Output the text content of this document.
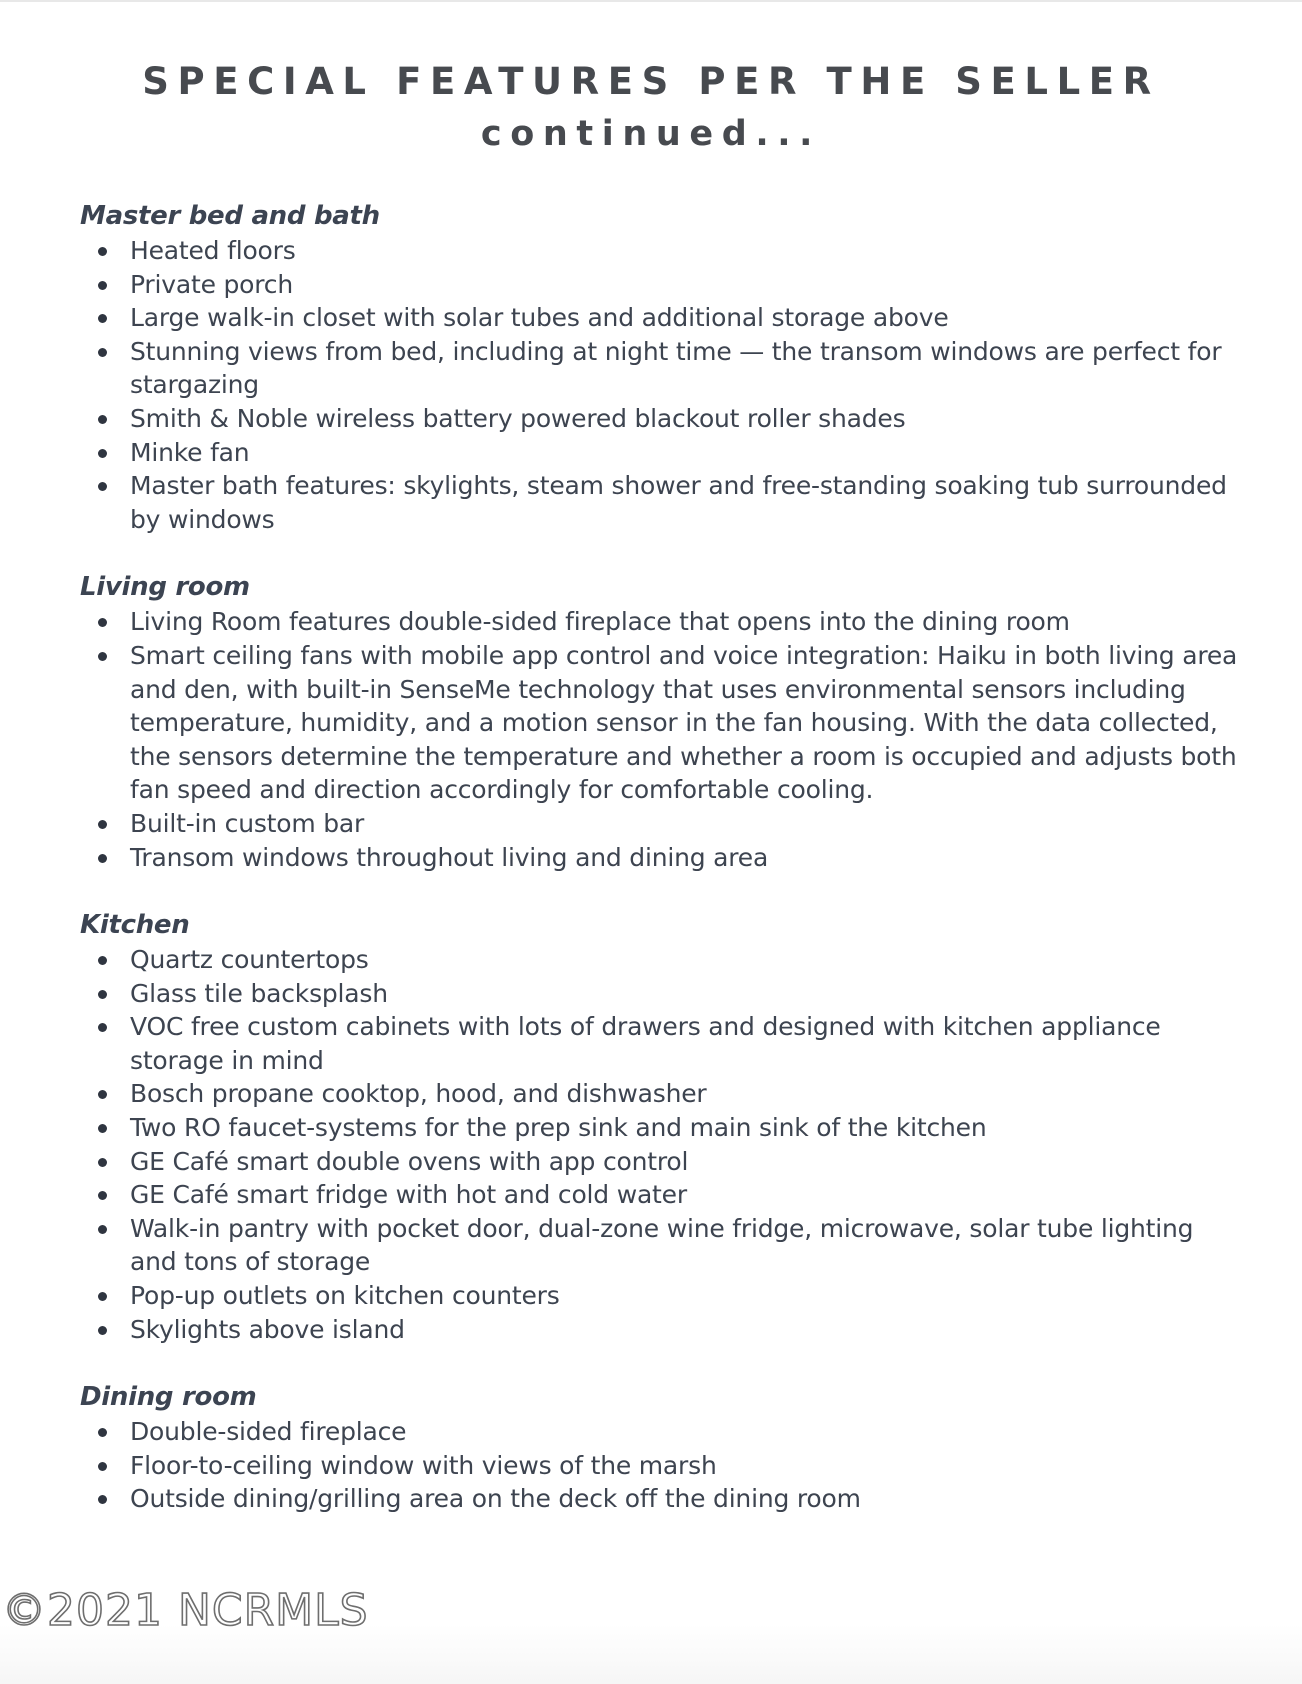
SPECIAL FEATURES PER THE SELLER
continued...
Master bed and bath
Heated floors
Private porch
Large walk-in closet with solar tubes and additional storage above
Stunning views from bed, including at night time — the transom windows are perfect for stargazing
Smith & Noble wireless battery powered blackout roller shades
Minke fan
Master bath features: skylights, steam shower and free-standing soaking tub surrounded by windows
Living room
Living Room features double-sided fireplace that opens into the dining room
Smart ceiling fans with mobile app control and voice integration: Haiku in both living area and den, with built-in SenseMe technology that uses environmental sensors including temperature, humidity, and a motion sensor in the fan housing. With the data collected, the sensors determine the temperature and whether a room is occupied and adjusts both fan speed and direction accordingly for comfortable cooling.
Built-in custom bar
Transom windows throughout living and dining area
Kitchen
Quartz countertops
Glass tile backsplash
VOC free custom cabinets with lots of drawers and designed with kitchen appliance storage in mind
Bosch propane cooktop, hood, and dishwasher
Two RO faucet-systems for the prep sink and main sink of the kitchen
GE Café smart double ovens with app control
GE Café smart fridge with hot and cold water
Walk-in pantry with pocket door, dual-zone wine fridge, microwave, solar tube lighting and tons of storage
Pop-up outlets on kitchen counters
Skylights above island
Dining room
Double-sided fireplace
Floor-to-ceiling window with views of the marsh
Outside dining/grilling area on the deck off the dining room
©2021 NCRMLS
